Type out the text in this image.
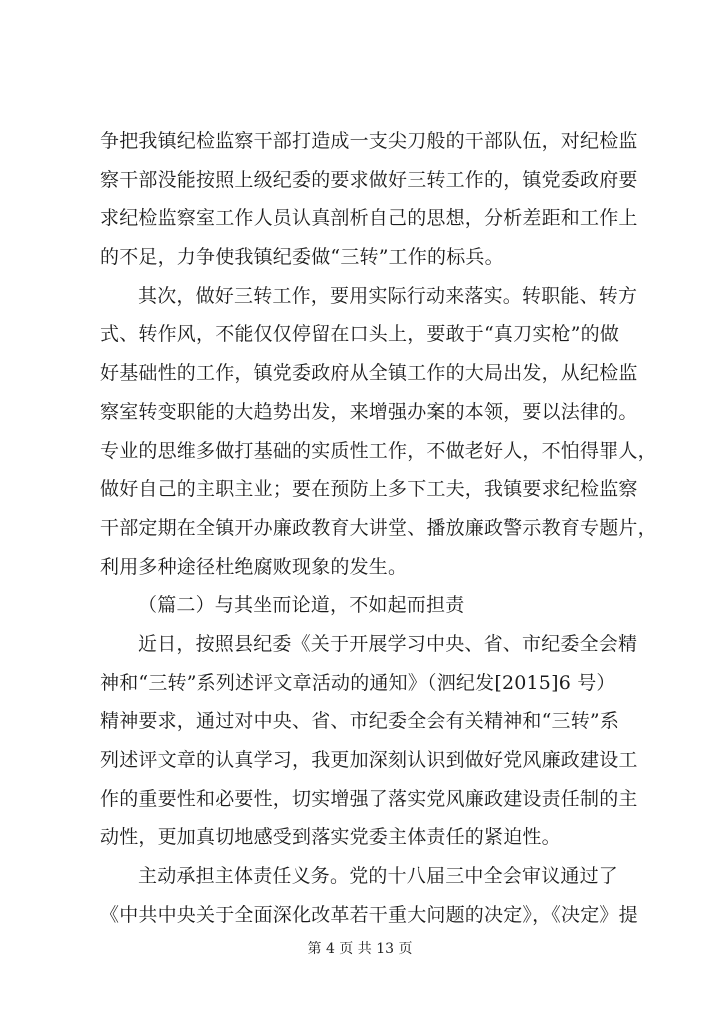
争把我镇纪检监察干部打造成一支尖刀般的干部队伍，对纪检监
察干部没能按照上级纪委的要求做好三转工作的，镇党委政府要
求纪检监察室工作人员认真剖析自己的思想，分析差距和工作上
的不足，力争使我镇纪委做“三转”工作的标兵。
其次，做好三转工作，要用实际行动来落实。转职能、转方
式、转作风，不能仅仅停留在口头上，要敢于“真刀实枪”的做
好基础性的工作，镇党委政府从全镇工作的大局出发，从纪检监
察室转变职能的大趋势出发，来增强办案的本领，要以法律的。
专业的思维多做打基础的实质性工作，不做老好人，不怕得罪人，
做好自己的主职主业；要在预防上多下工夫，我镇要求纪检监察
干部定期在全镇开办廉政教育大讲堂、播放廉政警示教育专题片，
利用多种途径杜绝腐败现象的发生。
（篇二）与其坐而论道，不如起而担责
近日，按照县纪委《关于开展学习中央、省、市纪委全会精
神和“三转”系列述评文章活动的通知》（泗纪发[2015]6 号）
精神要求，通过对中央、省、市纪委全会有关精神和“三转”系
列述评文章的认真学习，我更加深刻认识到做好党风廉政建设工
作的重要性和必要性，切实增强了落实党风廉政建设责任制的主
动性，更加真切地感受到落实党委主体责任的紧迫性。
主动承担主体责任义务。党的十八届三中全会审议通过了
《中共中央关于全面深化改革若干重大问题的决定》，《决定》提
第 4 页 共 13 页
